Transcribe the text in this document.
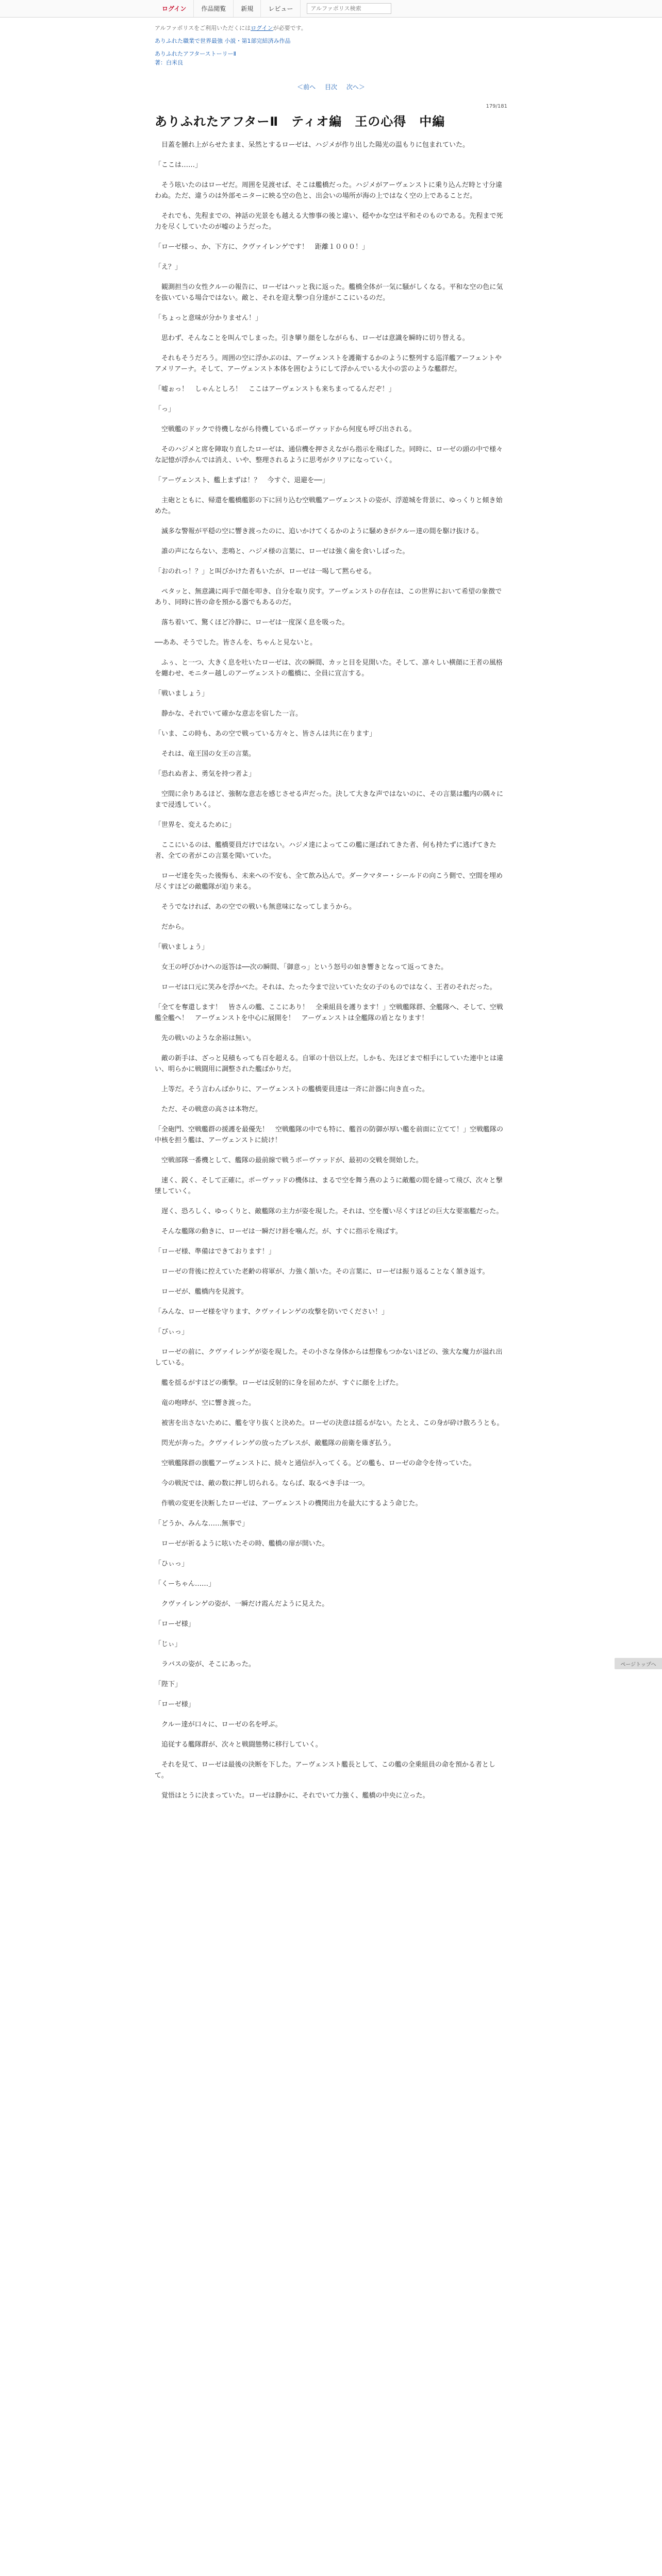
ログイン	作品閲覧	新規	レビュー
アルファポリス検索
アルファポリスをご利用いただくにはログインが必要です。
ありふれた職業で世界最強 小説・第1部完結済み作品
ありふれたアフターストーリーⅡ
著：白米良
＜前へ 目次 次へ＞
179/181
ありふれたアフターⅡ　ティオ編　王の心得　中編

　目蓋を腫れ上がらせたまま、呆然とするローゼは、ハジメが作り出した陽光の温もりに包まれていた。

「ここは……」

　そう呟いたのはローゼだ。周囲を見渡せば、そこは艦橋だった。ハジメがアーヴェンストに乗り込んだ時と寸分違わぬ。ただ、違うのは外部モニターに映る空の色と、出会いの場所が海の上ではなく空の上であることだ。

　それでも、先程までの、神話の光景をも越える大惨事の後と違い、穏やかな空は平和そのものである。先程まで死力を尽くしていたのが嘘のようだった。

「ローゼ様っ、か、下方に、クヴァイレンゲです！　距離１０００！」

「え？」

　観測担当の女性クルーの報告に、ローゼはハッと我に返った。艦橋全体が一気に騒がしくなる。平和な空の色に気を抜いている場合ではない。敵と、それを迎え撃つ自分達がここにいるのだ。

「ちょっと意味が分かりません！」

　思わず、そんなことを叫んでしまった。引き攣り顔をしながらも、ローゼは意識を瞬時に切り替える。

　それもそうだろう。周囲の空に浮かぶのは、アーヴェンストを護衛するかのように整列する巡洋艦アーフェントやアメリアーナ。そして、アーヴェンスト本体を囲むようにして浮かんでいる大小の雲のような艦群だ。

「嘘ぉっ！　しゃんとしろ！　ここはアーヴェンストも来ちまってるんだぞ！」

「っ」

　空戦艦のドックで待機しながら待機しているポーヴァッドから何度も呼び出される。

　そのハジメと席を陣取り直したローゼは、通信機を押さえながら指示を飛ばした。同時に、ローゼの頭の中で様々な記憶が浮かんでは消え、いや、整理されるように思考がクリアになっていく。

「アーヴェンスト、艦上まずは！？　今すぐ、退避を──」

　主砲とともに、帰還を艦橋艦影の下に回り込む空戦艦アーヴェンストの姿が、浮遊城を背景に、ゆっくりと傾き始めた。

　滅多な警報が平穏の空に響き渡ったのに、追いかけてくるかのように騒めきがクルー達の間を駆け抜ける。

　誰の声にならない、悲鳴と、ハジメ様の言葉に、ローゼは強く歯を食いしばった。

「おのれっ！？」と叫びかけた者もいたが、ローゼは一喝して黙らせる。

　ペタッと、無意識に両手で顔を叩き、自分を取り戻す。アーヴェンストの存在は、この世界において希望の象徴であり、同時に皆の命を預かる器でもあるのだ。

　落ち着いて、驚くほど冷静に、ローゼは一度深く息を吸った。

──ああ、そうでした。皆さんを、ちゃんと見ないと。

　ふぅ、と一つ、大きく息を吐いたローゼは、次の瞬間、カッと目を見開いた。そして、凛々しい横顔に王者の風格を纏わせ、モニター越しのアーヴェンストの艦橋に、全員に宣言する。

「戦いましょう」

　静かな、それでいて確かな意志を宿した一言。

「いま、この時も、あの空で戦っている方々と、皆さんは共に在ります」

　それは、竜王国の女王の言葉。

「恐れぬ者よ、勇気を持つ者よ」

　空間に余りあるほど、強靭な意志を感じさせる声だった。決して大きな声ではないのに、その言葉は艦内の隅々にまで浸透していく。

「世界を、変えるために」

　ここにいるのは、艦橋要員だけではない。ハジメ達によってこの艦に運ばれてきた者、何も持たずに逃げてきた者、全ての者がこの言葉を聞いていた。

　ローゼ達を失った後悔も、未来への不安も、全て飲み込んで。ダークマター・シールドの向こう側で、空間を埋め尽くすほどの敵艦隊が迫り来る。

　そうでなければ、あの空での戦いも無意味になってしまうから。

　だから。

「戦いましょう」

　女王の呼びかけへの返答は──次の瞬間、「御意っ」という怒号の如き響きとなって返ってきた。

　ローゼは口元に笑みを浮かべた。それは、たった今まで泣いていた女の子のものではなく、王者のそれだった。

「全てを奪還します！　皆さんの艦、ここにあり！　全乗組員を護ります！」空戦艦隊群、全艦隊へ、そして、空戦艦全艦へ！　アーヴェンストを中心に展開を！　アーヴェンストは全艦隊の盾となります！

　先の戦いのような余裕は無い。

　敵の新手は、ざっと見積もっても百を超える。自軍の十倍以上だ。しかも、先ほどまで相手にしていた連中とは違い、明らかに戦闘用に調整された艦ばかりだ。

　上等だ。そう言わんばかりに、アーヴェンストの艦橋要員達は一斉に計器に向き直った。

　ただ、その戦意の高さは本物だ。

「全砲門、空戦艦群の援護を最優先！　空戦艦隊の中でも特に、艦首の防御が厚い艦を前面に立てて！」空戦艦隊の中核を担う艦は、アーヴェンストに続け！

　空戦部隊一番機として、艦隊の最前線で戦うポーヴァッドが、最初の交戦を開始した。

　速く、鋭く、そして正確に。ポーヴァッドの機体は、まるで空を舞う燕のように敵艦の間を縫って飛び、次々と撃墜していく。

　遅く、恐ろしく、ゆっくりと、敵艦隊の主力が姿を現した。それは、空を覆い尽くすほどの巨大な要塞艦だった。

　そんな艦隊の動きに、ローゼは一瞬だけ唇を噛んだ。が、すぐに指示を飛ばす。

「ローゼ様、準備はできております！」

　ローゼの背後に控えていた老齢の将軍が、力強く頷いた。その言葉に、ローゼは振り返ることなく頷き返す。

　ローゼが、艦橋内を見渡す。

「みんな、ローゼ様を守ります、クヴァイレンゲの攻撃を防いでください！」

「ぴぃっ」

　ローゼの前に、クヴァイレンゲが姿を現した。その小さな身体からは想像もつかないほどの、強大な魔力が溢れ出している。

　艦を揺るがすほどの衝撃。ローゼは反射的に身を屈めたが、すぐに顔を上げた。

　竜の咆哮が、空に響き渡った。

　被害を出さないために、艦を守り抜くと決めた。ローゼの決意は揺るがない。たとえ、この身が砕け散ろうとも。

　閃光が奔った。クヴァイレンゲの放ったブレスが、敵艦隊の前衛を薙ぎ払う。

　空戦艦隊群の旗艦アーヴェンストに、続々と通信が入ってくる。どの艦も、ローゼの命令を待っていた。

　今の戦況では、敵の数に押し切られる。ならば、取るべき手は一つ。

　作戦の変更を決断したローゼは、アーヴェンストの機関出力を最大にするよう命じた。

「どうか、みんな……無事で」

　ローゼが祈るように呟いたその時、艦橋の扉が開いた。

「ひぃっ」

「くーちゃん……」

　クヴァイレンゲの姿が、一瞬だけ霞んだように見えた。

「ローゼ様」

「じぃ」

　ラバスの姿が、そこにあった。

「陛下」

「ローゼ様」

　クルー達が口々に、ローゼの名を呼ぶ。

　追従する艦隊群が、次々と戦闘態勢に移行していく。

　それを見て、ローゼは最後の決断を下した。アーヴェンスト艦長として、この艦の全乗組員の命を預かる者として。

　覚悟はとうに決まっていた。ローゼは静かに、それでいて力強く、艦橋の中央に立った。

ページトップへ
